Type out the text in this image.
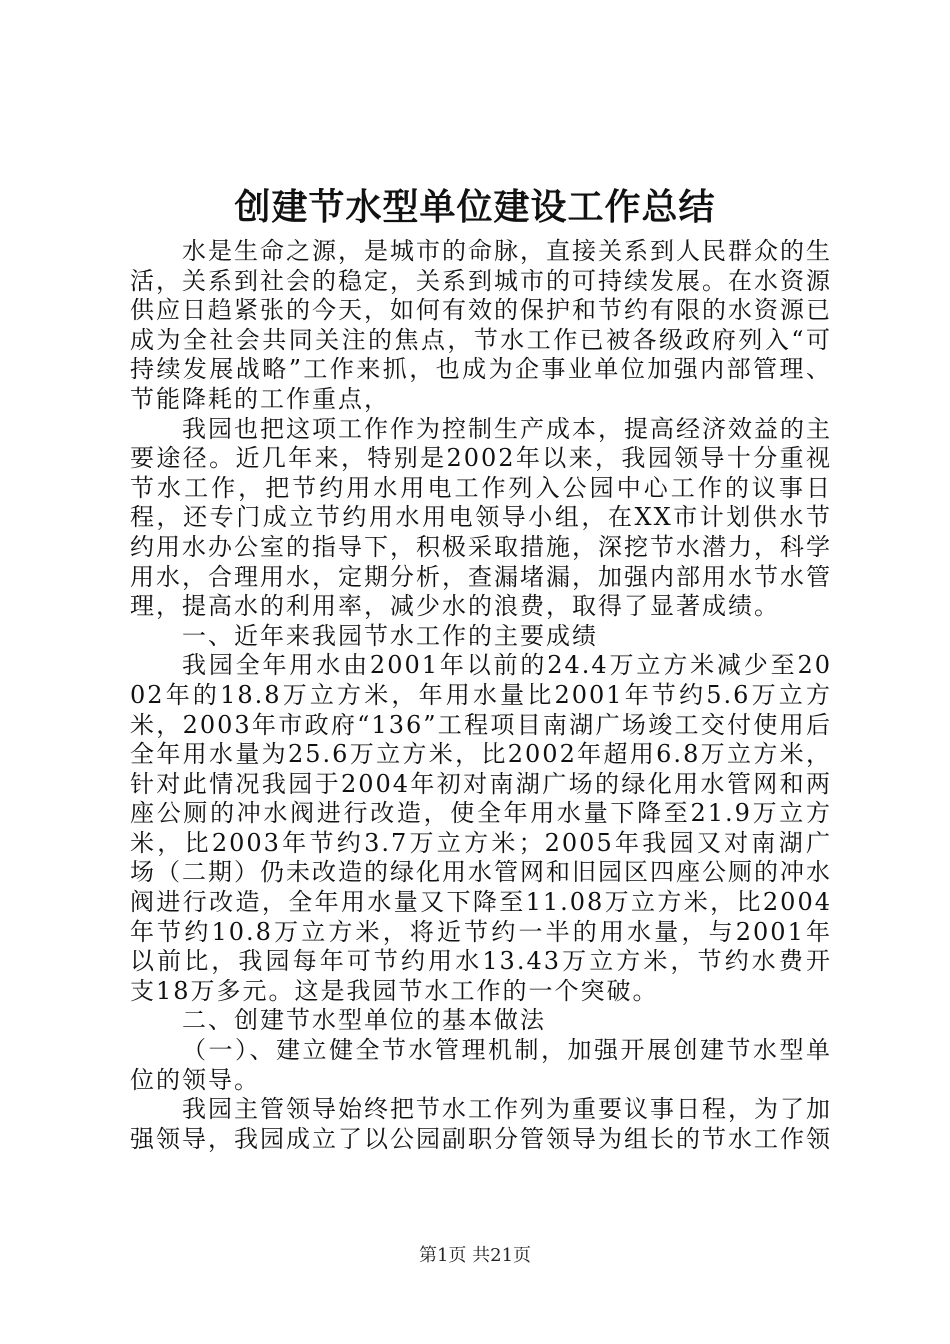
创建节水型单位建设工作总结

水是生命之源，是城市的命脉，直接关系到人民群众的生活，关系到社会的稳定，关系到城市的可持续发展。在水资源供应日趋紧张的今天，如何有效的保护和节约有限的水资源已成为全社会共同关注的焦点，节水工作已被各级政府列入“可持续发展战略”工作来抓，也成为企事业单位加强内部管理、节能降耗的工作重点，

我园也把这项工作作为控制生产成本，提高经济效益的主要途径。近几年来，特别是2002年以来，我园领导十分重视节水工作，把节约用水用电工作列入公园中心工作的议事日程，还专门成立节约用水用电领导小组，在XX市计划供水节约用水办公室的指导下，积极采取措施，深挖节水潜力，科学用水，合理用水，定期分析，查漏堵漏，加强内部用水节水管理，提高水的利用率，减少水的浪费，取得了显著成绩。

一、近年来我园节水工作的主要成绩

我园全年用水由2001年以前的24.4万立方米减少至2002年的18.8万立方米，年用水量比2001年节约5.6万立方米，2003年市政府“136”工程项目南湖广场竣工交付使用后全年用水量为25.6万立方米，比2002年超用6.8万立方米，针对此情况我园于2004年初对南湖广场的绿化用水管网和两座公厕的冲水阀进行改造，使全年用水量下降至21.9万立方米，比2003年节约3.7万立方米；2005年我园又对南湖广场（二期）仍未改造的绿化用水管网和旧园区四座公厕的冲水阀进行改造，全年用水量又下降至11.08万立方米，比2004年节约10.8万立方米，将近节约一半的用水量，与2001年以前比，我园每年可节约用水13.43万立方米，节约水费开支18万多元。这是我园节水工作的一个突破。

二、创建节水型单位的基本做法

（一）、建立健全节水管理机制，加强开展创建节水型单位的领导。

我园主管领导始终把节水工作列为重要议事日程，为了加强领导，我园成立了以公园副职分管领导为组长的节水工作领

第1页 共21页
